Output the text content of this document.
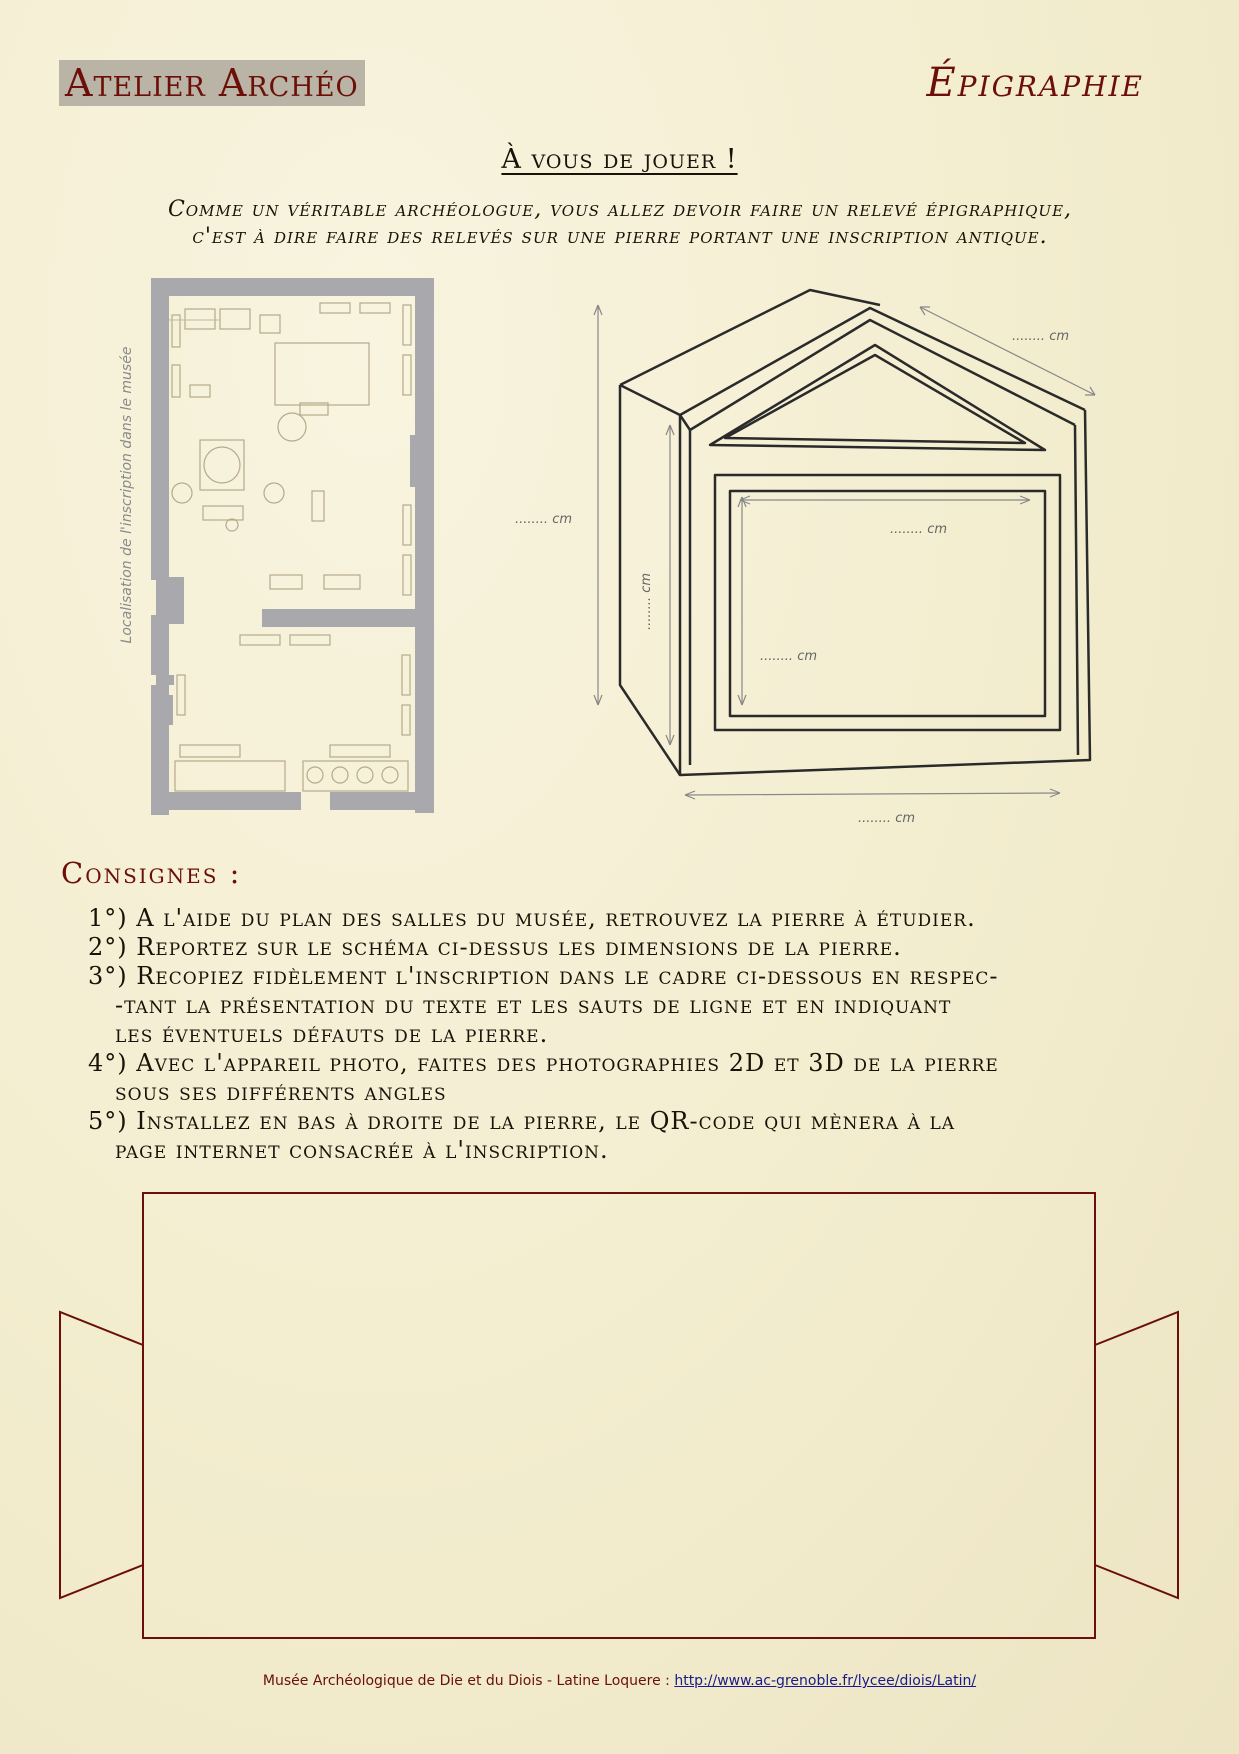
Atelier Archéo	Épigraphie
À vous de jouer !
Comme un véritable archéologue, vous allez devoir faire un relevé épigraphique,
c'est à dire faire des relevés sur une pierre portant une inscription antique.
Localisation de l'inscription dans le musée
........ cm
........ cm
........ cm
........ cm
........ cm
........ cm
Consignes :
1°) A l'aide du plan des salles du musée, retrouvez la pierre à étudier.
2°) Reportez sur le schéma ci-dessus les dimensions de la pierre.
3°) Recopiez fidèlement l'inscription dans le cadre ci-dessous en respec-
-tant la présentation du texte et les sauts de ligne et en indiquant
les éventuels défauts de la pierre.
4°) Avec l'appareil photo, faites des photographies 2D et 3D de la pierre
sous ses différents angles
5°) Installez en bas à droite de la pierre, le QR-code qui mènera à la
page internet consacrée à l'inscription.
Musée Archéologique de Die et du Diois - Latine Loquere : http://www.ac-grenoble.fr/lycee/diois/Latin/
